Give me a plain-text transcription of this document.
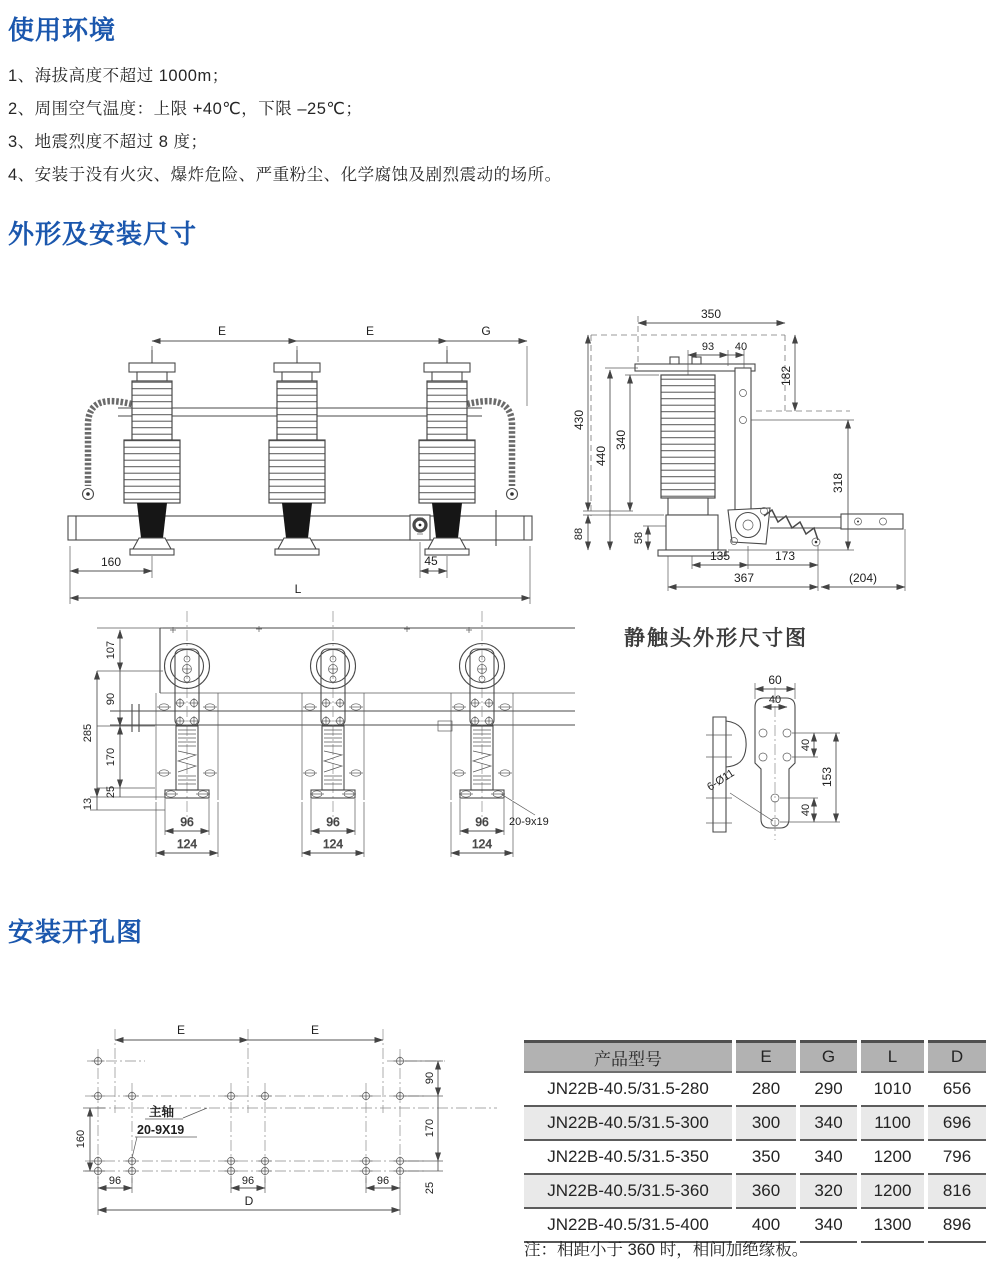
使用环境
1、海拔高度不超过 1000m；
2、周围空气温度：上限 +40℃，下限 –25℃；
3、地震烈度不超过 8 度；
4、安装于没有火灾、爆炸危险、严重粉尘、化学腐蚀及剧烈震动的场所。
外形及安装尺寸
E	E	G
160	45
L
350
93 40
182
430
440
340
318
88	58
135	173
367	(204)
96
124
107
90
285
170
25
13
20-9x19
静触头外形尺寸图
60
40
40
40
153
6-Ø11
安装开孔图
E	E
90
170
25
160
96	96	96
D
主轴
20-9X19
产品型号	E	G	L	D
JN22B-40.5/31.5-280	280	290	1010	656
JN22B-40.5/31.5-300	300	340	1100	696
JN22B-40.5/31.5-350	350	340	1200	796
JN22B-40.5/31.5-360	360	320	1200	816
JN22B-40.5/31.5-400	400	340	1300	896
注：相距小于 360 时，相间加绝缘板。
